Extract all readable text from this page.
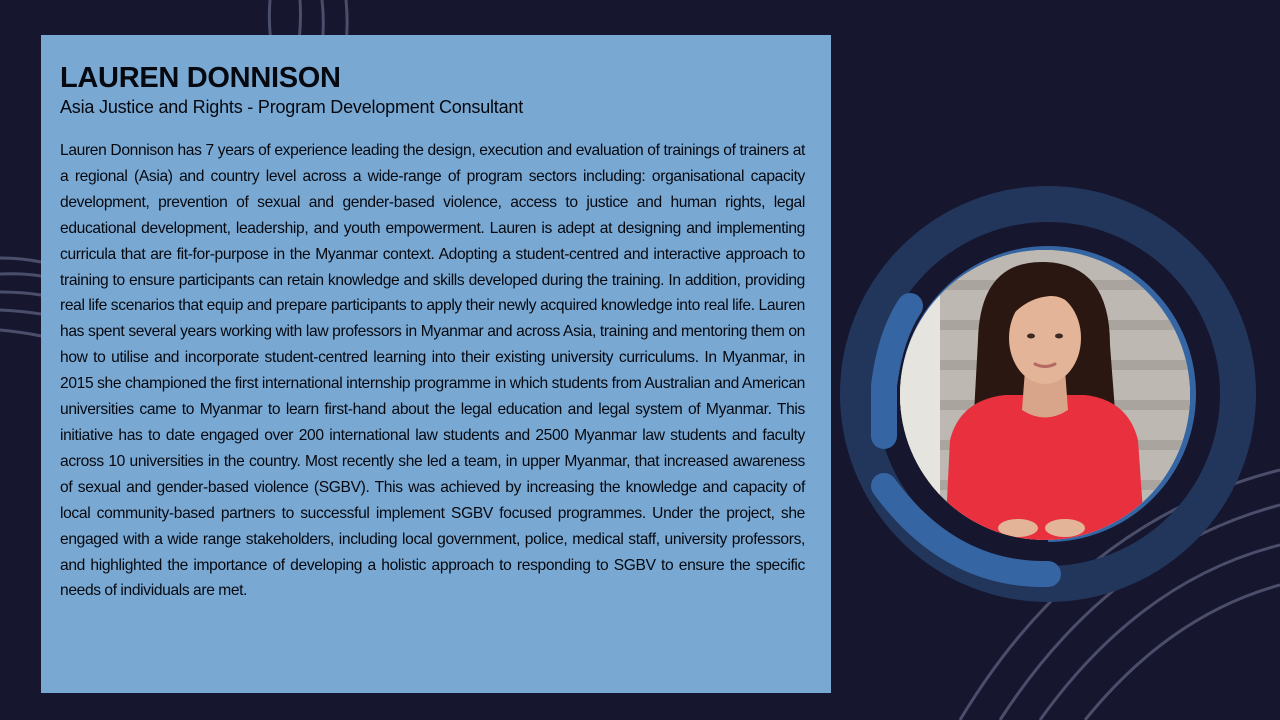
LAUREN DONNISON
Asia Justice and Rights - Program Development Consultant

Lauren Donnison has 7 years of experience leading the design, execution and evaluation of trainings of trainers at a regional (Asia) and country level across a wide-range of program sectors including: organisational capacity development, prevention of sexual and gender-based violence, access to justice and human rights, legal educational development, leadership, and youth empowerment. Lauren is adept at designing and implementing curricula that are fit-for-purpose in the Myanmar context. Adopting a student-centred and interactive approach to training to ensure participants can retain knowledge and skills developed during the training. In addition, providing real life scenarios that equip and prepare participants to apply their newly acquired knowledge into real life. Lauren has spent several years working with law professors in Myanmar and across Asia, training and mentoring them on how to utilise and incorporate student-centred learning into their existing university curriculums. In Myanmar, in 2015 she championed the first international internship programme in which students from Australian and American universities came to Myanmar to learn first-hand about the legal education and legal system of Myanmar. This initiative has to date engaged over 200 international law students and 2500 Myanmar law students and faculty across 10 universities in the country. Most recently she led a team, in upper Myanmar, that increased awareness of sexual and gender-based violence (SGBV). This was achieved by increasing the knowledge and capacity of local community-based partners to successful implement SGBV focused programmes. Under the project, she engaged with a wide range stakeholders, including local government, police, medical staff, university professors, and highlighted the importance of developing a holistic approach to responding to SGBV to ensure the specific needs of individuals are met.
